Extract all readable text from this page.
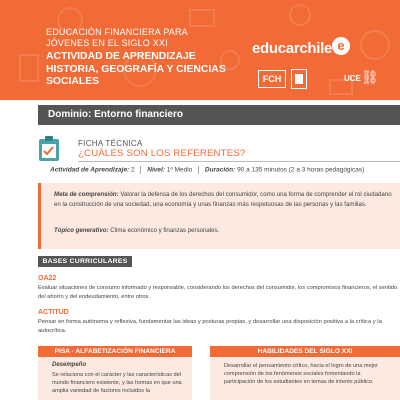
EDUCACIÓN FINANCIERA PARA JÓVENES EN EL SIGLO XXI
ACTIVIDAD DE APRENDIZAJE HISTORIA, GEOGRAFÍA Y CIENCIAS SOCIALES
educarchile e
FCH	UCE ⛓
Dominio: Entorno financiero
FICHA TÉCNICA
¿CUÁLES SON LOS REFERENTES?
Actividad de Aprendizaje: 2 Nivel: 1º Medio Duración: 90 a 135 minutos (2 a 3 horas pedagógicas)
Meta de comprensión: Valorar la defensa de los derechos del consumidor, como una forma de comprender el rol ciudadano en la construcción de una sociedad, una economía y unas finanzas más respetuosas de las personas y las familias.
Tópico generativo: Clima económico y finanzas personales.
BASES CURRICULARES
OA22
Evaluar situaciones de consumo informado y responsable, considerando los derechos del consumidor, los compromisos financieros, el sentido del ahorro y del endeudamiento, entre otros.
ACTITUD
Pensar en forma autónoma y reflexiva, fundamentar las ideas y posturas propias, y desarrollar una disposición positiva a la crítica y la autocrítica.
PISA - ALFABETIZACIÓN FINANCIERA
Desempeño
Se relaciona con el carácter y las características del mundo financiero existente, y las formas en que una amplia variedad de factores incluidos la
HABILIDADES DEL SIGLO XXI
Desarrollar el pensamiento crítico, hacia el logro de una mejor comprensión de los fenómenos sociales fomentando la participación de los estudiantes en temas de interés público.
